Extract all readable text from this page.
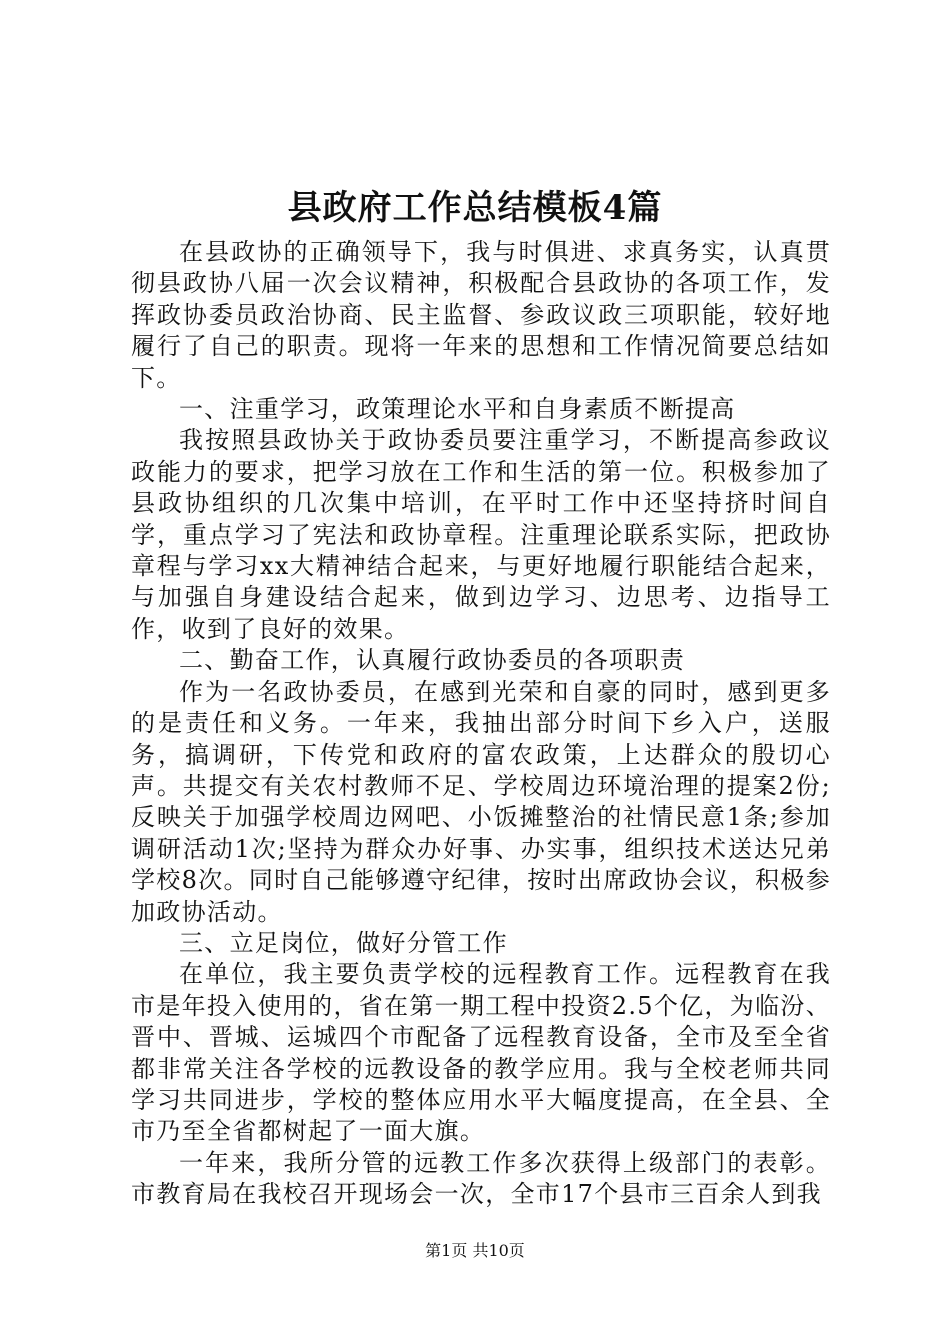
县政府工作总结模板4篇

在县政协的正确领导下，我与时俱进、求真务实，认真贯彻县政协八届一次会议精神，积极配合县政协的各项工作，发挥政协委员政治协商、民主监督、参政议政三项职能，较好地履行了自己的职责。现将一年来的思想和工作情况简要总结如下。

一、注重学习，政策理论水平和自身素质不断提高

我按照县政协关于政协委员要注重学习，不断提高参政议政能力的要求，把学习放在工作和生活的第一位。积极参加了县政协组织的几次集中培训，在平时工作中还坚持挤时间自学，重点学习了宪法和政协章程。注重理论联系实际，把政协章程与学习xx大精神结合起来，与更好地履行职能结合起来，与加强自身建设结合起来，做到边学习、边思考、边指导工作，收到了良好的效果。

二、勤奋工作，认真履行政协委员的各项职责

作为一名政协委员，在感到光荣和自豪的同时，感到更多的是责任和义务。一年来，我抽出部分时间下乡入户，送服务，搞调研，下传党和政府的富农政策，上达群众的殷切心声。共提交有关农村教师不足、学校周边环境治理的提案2份;反映关于加强学校周边网吧、小饭摊整治的社情民意1条;参加调研活动1次;坚持为群众办好事、办实事，组织技术送达兄弟学校8次。同时自己能够遵守纪律，按时出席政协会议，积极参加政协活动。

三、立足岗位，做好分管工作

在单位，我主要负责学校的远程教育工作。远程教育在我市是年投入使用的，省在第一期工程中投资2.5个亿，为临汾、晋中、晋城、运城四个市配备了远程教育设备，全市及至全省都非常关注各学校的远教设备的教学应用。我与全校老师共同学习共同进步，学校的整体应用水平大幅度提高，在全县、全市乃至全省都树起了一面大旗。

一年来，我所分管的远教工作多次获得上级部门的表彰。市教育局在我校召开现场会一次，全市17个县市三百余人到我

第1页 共10页
